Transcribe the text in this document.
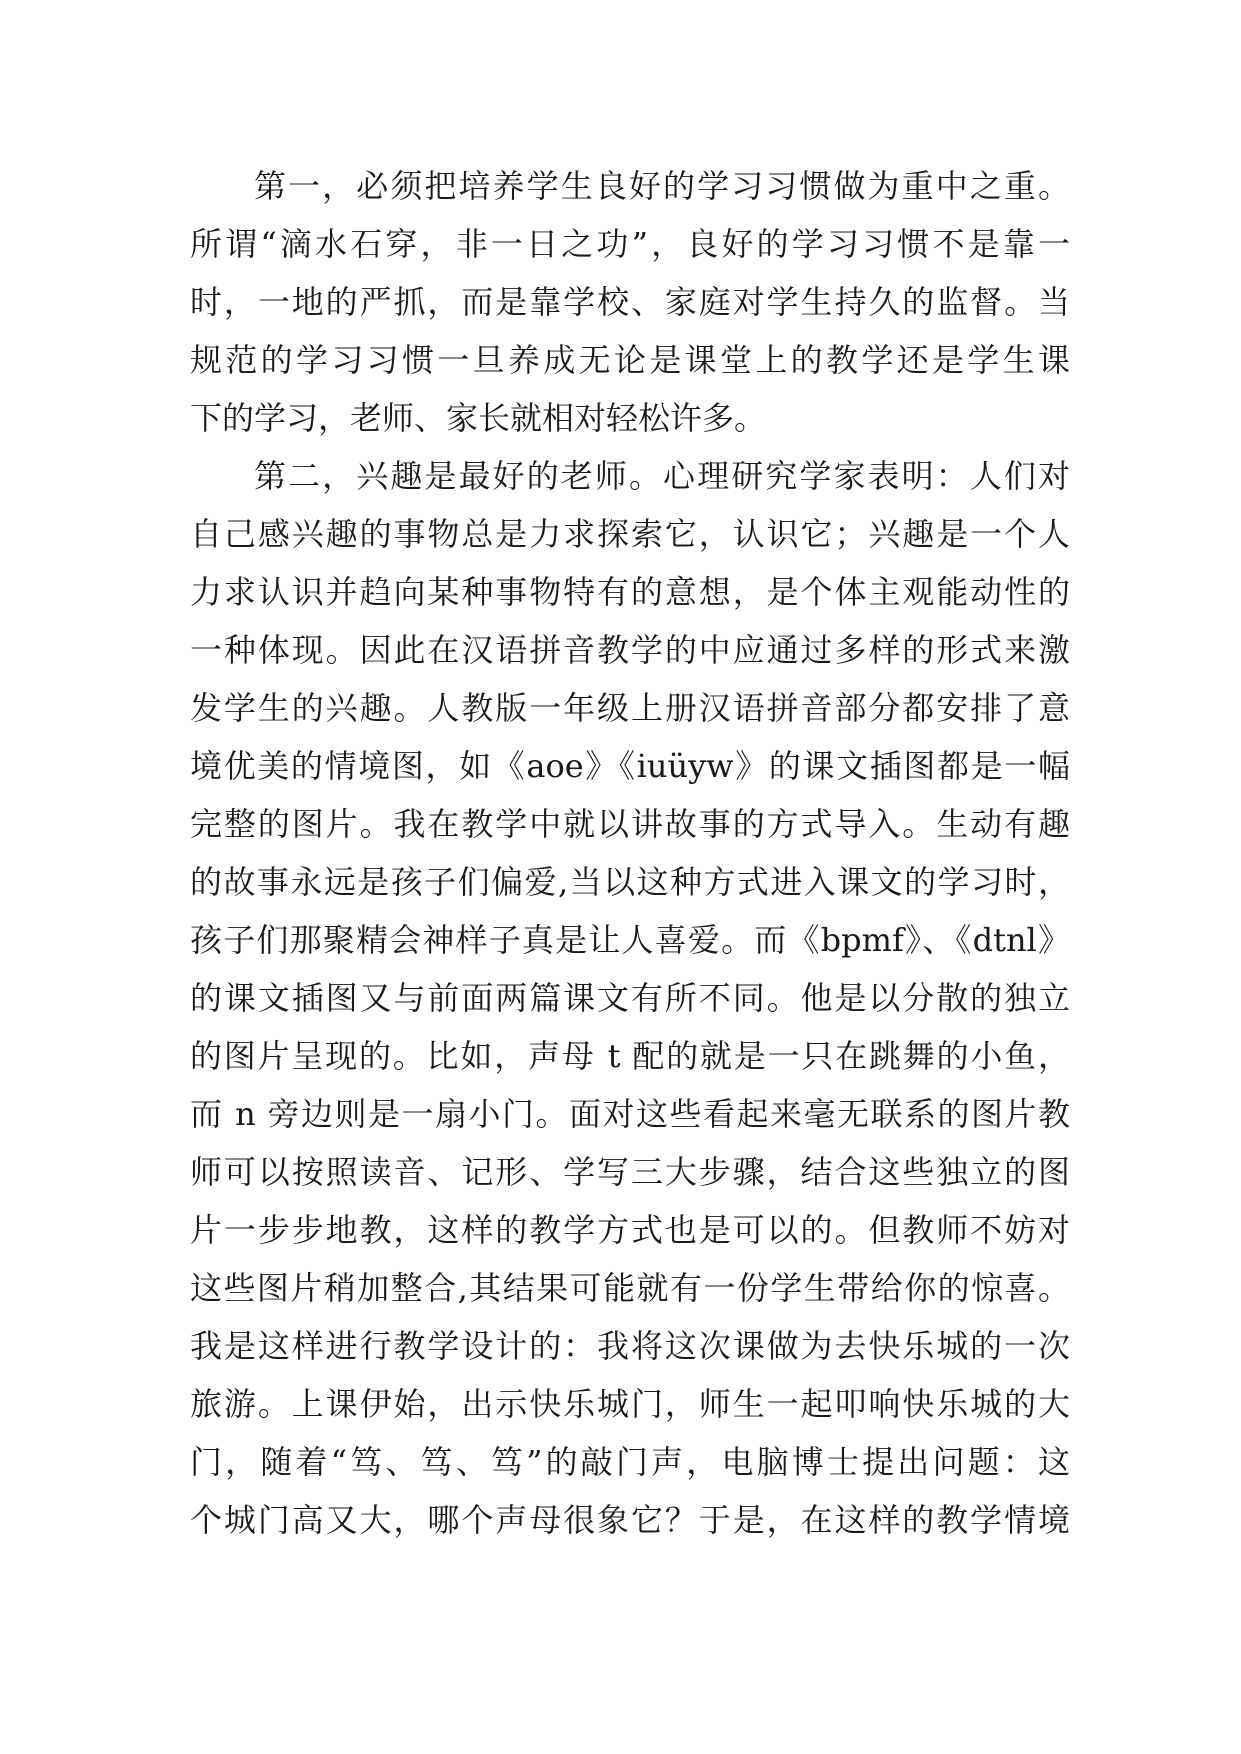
第一，必须把培养学生良好的学习习惯做为重中之重。
所谓“滴水石穿，非一日之功”，良好的学习习惯不是靠一
时，一地的严抓，而是靠学校、家庭对学生持久的监督。当
规范的学习习惯一旦养成无论是课堂上的教学还是学生课
下的学习，老师、家长就相对轻松许多。
第二，兴趣是最好的老师。心理研究学家表明：人们对
自己感兴趣的事物总是力求探索它，认识它；兴趣是一个人
力求认识并趋向某种事物特有的意想，是个体主观能动性的
一种体现。因此在汉语拼音教学的中应通过多样的形式来激
发学生的兴趣。人教版一年级上册汉语拼音部分都安排了意
境优美的情境图，如《aoe》《iuüyw》的课文插图都是一幅
完整的图片。我在教学中就以讲故事的方式导入。生动有趣
的故事永远是孩子们偏爱,当以这种方式进入课文的学习时，
孩子们那聚精会神样子真是让人喜爱。而《bpmf》、《dtnl》
的课文插图又与前面两篇课文有所不同。他是以分散的独立
的图片呈现的。比如，声母 t 配的就是一只在跳舞的小鱼，
而 n 旁边则是一扇小门。面对这些看起来毫无联系的图片教
师可以按照读音、记形、学写三大步骤，结合这些独立的图
片一步步地教，这样的教学方式也是可以的。但教师不妨对
这些图片稍加整合,其结果可能就有一份学生带给你的惊喜。
我是这样进行教学设计的：我将这次课做为去快乐城的一次
旅游。上课伊始，出示快乐城门，师生一起叩响快乐城的大
门，随着“笃、笃、笃”的敲门声，电脑博士提出问题：这
个城门高又大，哪个声母很象它？于是，在这样的教学情境
